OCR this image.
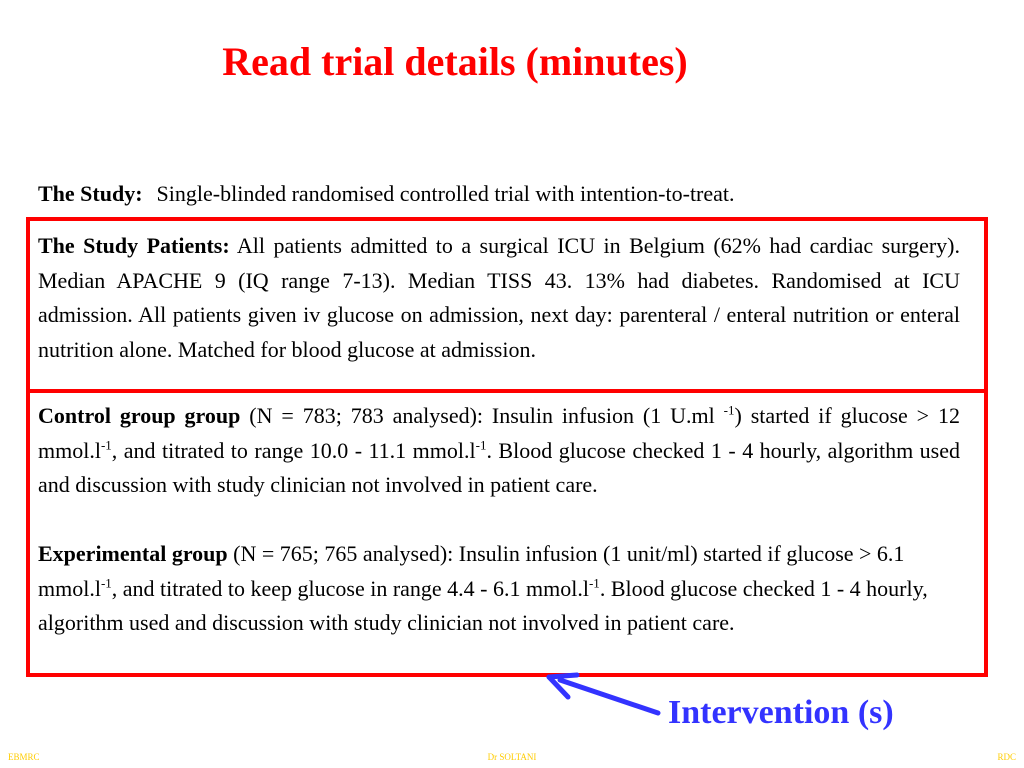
Read trial details (minutes)
The Study: Single-blinded randomised controlled trial with intention-to-treat.
The Study Patients: All patients admitted to a surgical ICU in Belgium (62% had cardiac surgery). Median APACHE 9 (IQ range 7-13). Median TISS 43. 13% had diabetes. Randomised at ICU admission. All patients given iv glucose on admission, next day: parenteral / enteral nutrition or enteral nutrition alone. Matched for blood glucose at admission.
Control group group (N = 783; 783 analysed): Insulin infusion (1 U.ml $^{-1}$) started if glucose > 12 $mmol.l^{-1}$, and titrated to range 10.0 - 11.1 $mmol.l^{-1}$. Blood glucose checked 1 - 4 hourly, algorithm used and discussion with study clinician not involved in patient care.
Experimental group (N = 765; 765 analysed): Insulin infusion (1 unit/ml) started if glucose > 6.1 $mmol.l^{-1}$, and titrated to keep glucose in range 4.4 - 6.1 $mmol.l^{-1}$. Blood glucose checked 1 - 4 hourly, algorithm used and discussion with study clinician not involved in patient care.
Intervention (s)
EBMRC	Dr SOLTANI	RDC
